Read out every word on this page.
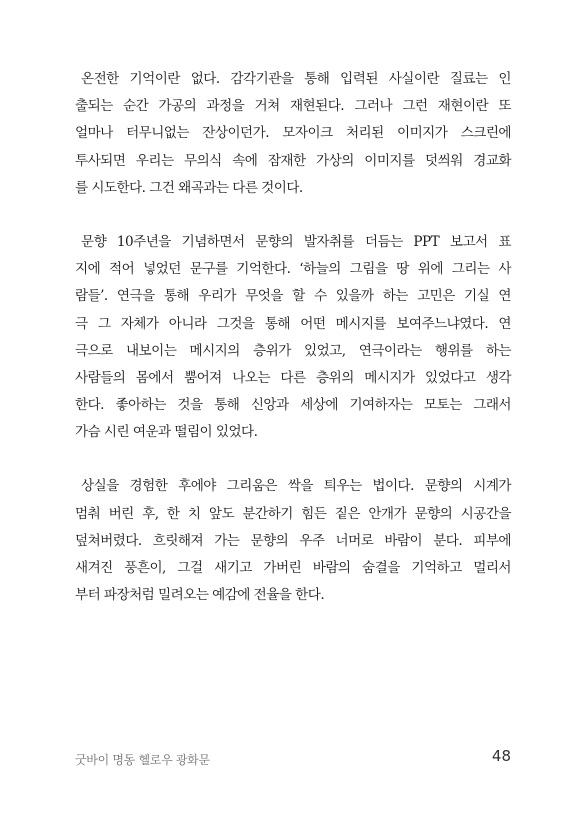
온전한 기억이란 없다. 감각기관을 통해 입력된 사실이란 질료는 인
출되는 순간 가공의 과정을 거쳐 재현된다. 그러나 그런 재현이란 또
얼마나 터무니없는 잔상이던가. 모자이크 처리된 이미지가 스크린에
투사되면 우리는 무의식 속에 잠재한 가상의 이미지를 덧씌워 경교화
를 시도한다. 그건 왜곡과는 다른 것이다.

문향 10주년을 기념하면서 문향의 발자취를 더듬는 PPT 보고서 표
지에 적어 넣었던 문구를 기억한다. ‘하늘의 그림을 땅 위에 그리는 사
람들’. 연극을 통해 우리가 무엇을 할 수 있을까 하는 고민은 기실 연
극 그 자체가 아니라 그것을 통해 어떤 메시지를 보여주느냐였다. 연
극으로 내보이는 메시지의 층위가 있었고, 연극이라는 행위를 하는
사람들의 몸에서 뿜어져 나오는 다른 층위의 메시지가 있었다고 생각
한다. 좋아하는 것을 통해 신앙과 세상에 기여하자는 모토는 그래서
가슴 시린 여운과 떨림이 있었다.

상실을 경험한 후에야 그리움은 싹을 틔우는 법이다. 문향의 시계가
멈춰 버린 후, 한 치 앞도 분간하기 힘든 짙은 안개가 문향의 시공간을
덮쳐버렸다. 흐릿해져 가는 문향의 우주 너머로 바람이 분다. 피부에
새겨진 풍흔이, 그걸 새기고 가버린 바람의 숨결을 기억하고 멀리서
부터 파장처럼 밀려오는 예감에 전율을 한다.

굿바이 명동 헬로우 광화문	48
